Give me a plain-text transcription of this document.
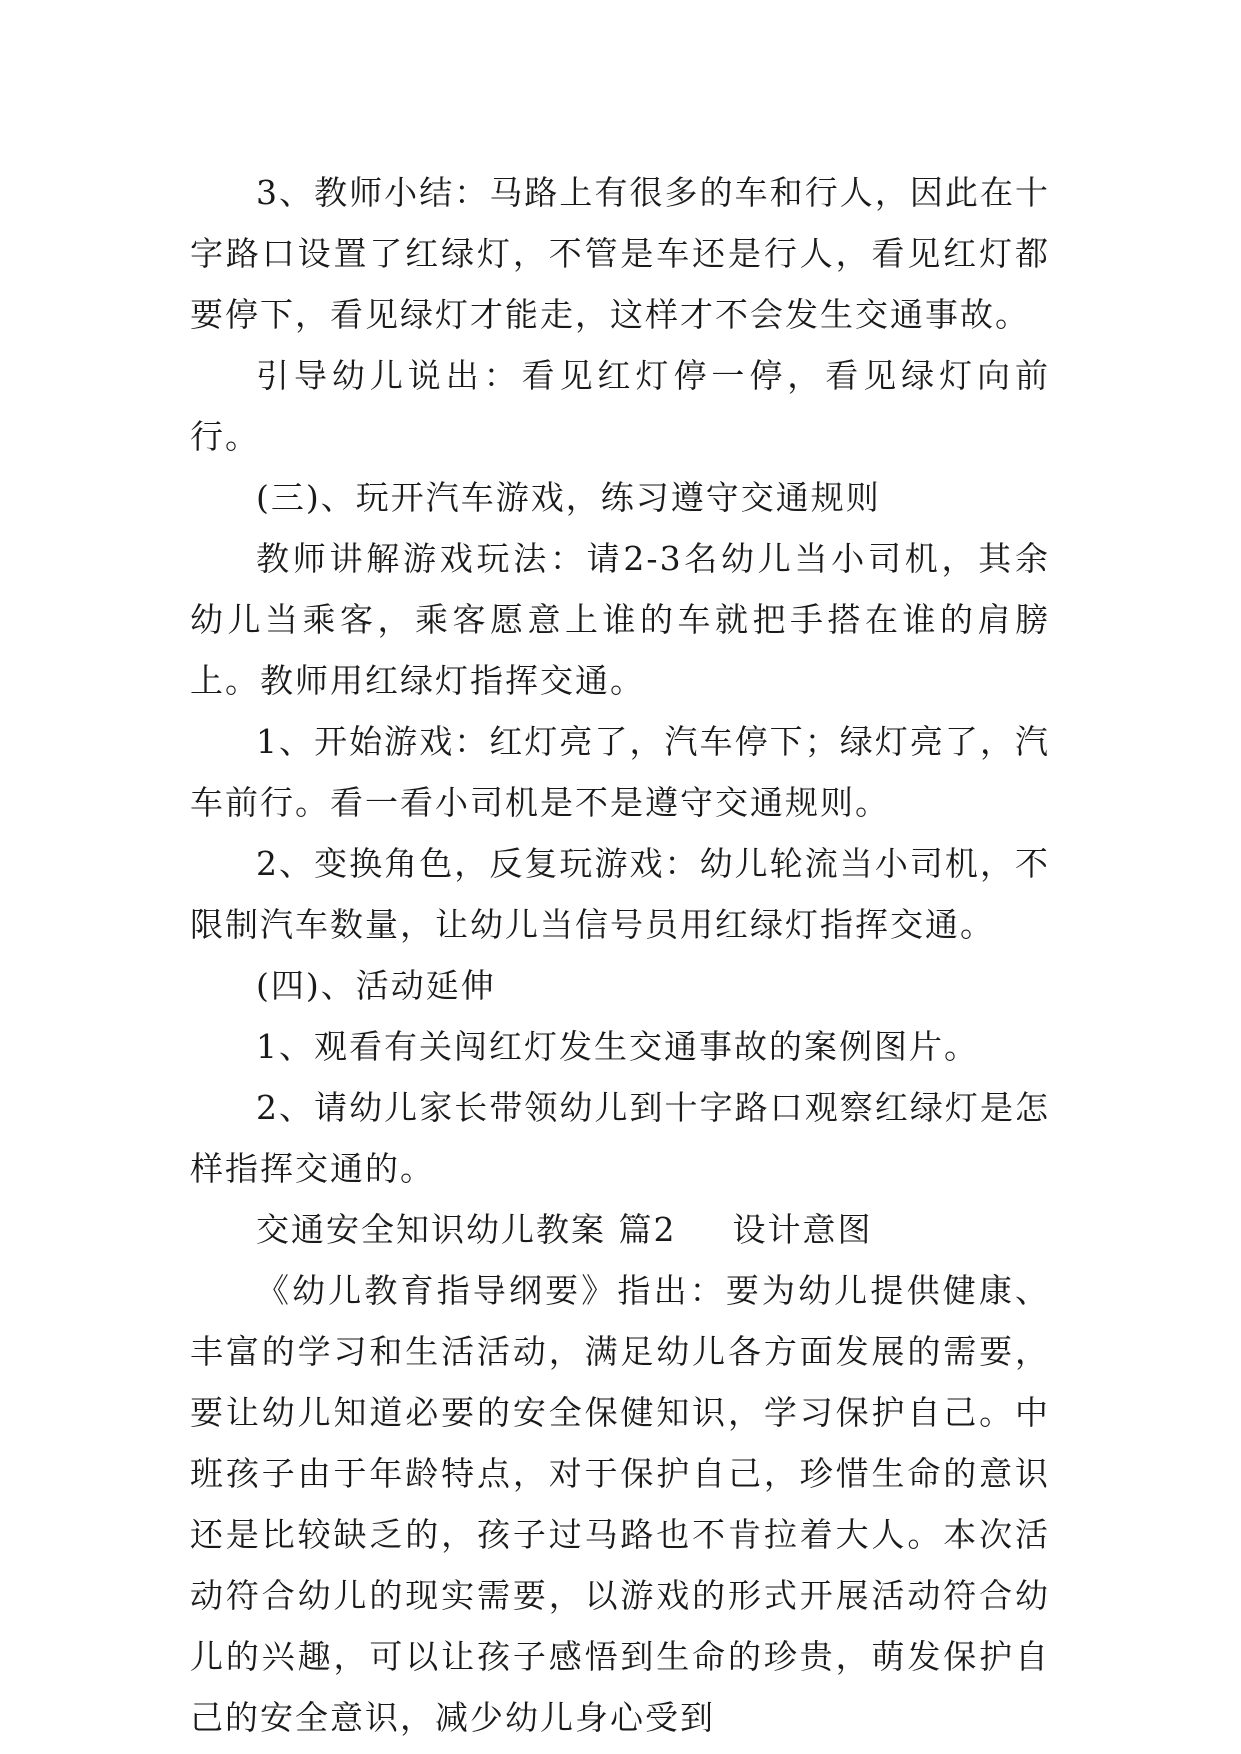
3、教师小结：马路上有很多的车和行人，因此在十字路口设置了红绿灯，不管是车还是行人，看见红灯都要停下，看见绿灯才能走，这样才不会发生交通事故。

引导幼儿说出：看见红灯停一停，看见绿灯向前行。

(三)、玩开汽车游戏，练习遵守交通规则

教师讲解游戏玩法：请2-3名幼儿当小司机，其余幼儿当乘客，乘客愿意上谁的车就把手搭在谁的肩膀上。教师用红绿灯指挥交通。

1、开始游戏：红灯亮了，汽车停下；绿灯亮了，汽车前行。看一看小司机是不是遵守交通规则。

2、变换角色，反复玩游戏：幼儿轮流当小司机，不限制汽车数量，让幼儿当信号员用红绿灯指挥交通。

(四)、活动延伸

1、观看有关闯红灯发生交通事故的案例图片。

2、请幼儿家长带领幼儿到十字路口观察红绿灯是怎样指挥交通的。

交通安全知识幼儿教案 篇2 设计意图

《幼儿教育指导纲要》指出：要为幼儿提供健康、丰富的学习和生活活动，满足幼儿各方面发展的需要，要让幼儿知道必要的安全保健知识，学习保护自己。中班孩子由于年龄特点，对于保护自己，珍惜生命的意识还是比较缺乏的，孩子过马路也不肯拉着大人。本次活动符合幼儿的现实需要，以游戏的形式开展活动符合幼儿的兴趣，可以让孩子感悟到生命的珍贵，萌发保护自己的安全意识，减少幼儿身心受到
